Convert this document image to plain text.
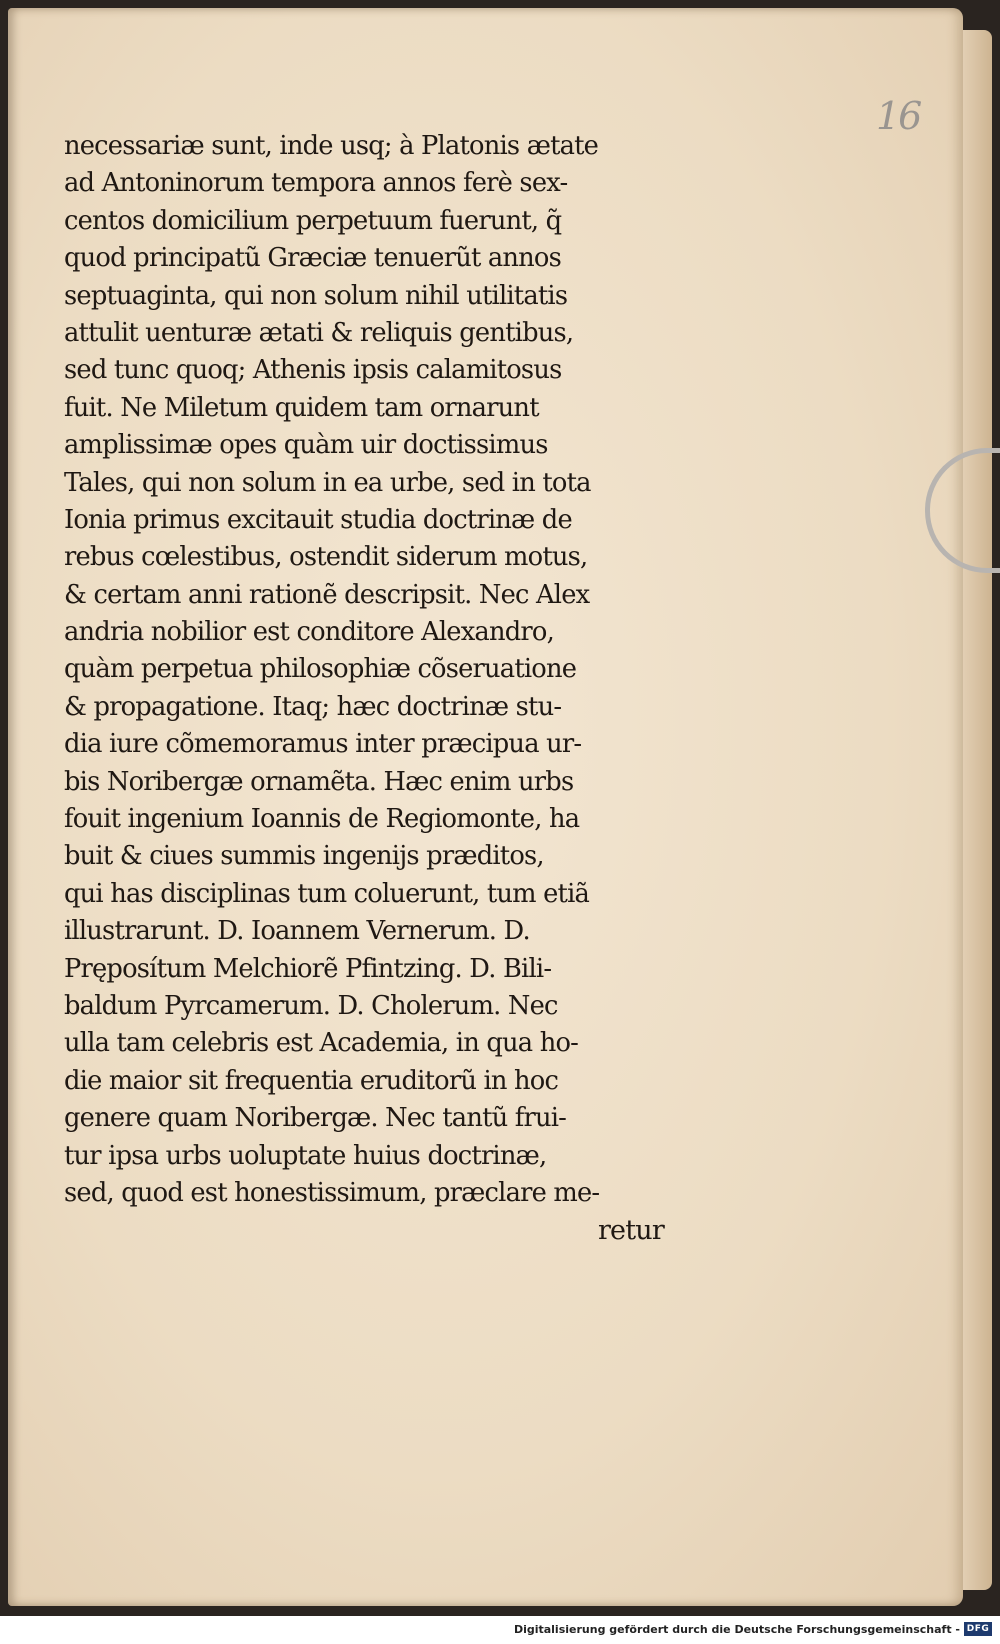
16
necessariæ sunt, inde usq; à Platonis ætate
ad Antoninorum tempora annos ferè sex-
centos domicilium perpetuum fuerunt, q̃
quod principatũ Græciæ tenuerũt annos
septuaginta, qui non solum nihil utilitatis
attulit uenturæ ætati & reliquis gentibus,
sed tunc quoq; Athenis ipsis calamitosus
fuit. Ne Miletum quidem tam ornarunt
amplissimæ opes quàm uir doctissimus
Tales, qui non solum in ea urbe, sed in tota
Ionia primus excitauit studia doctrinæ de
rebus cœlestibus, ostendit siderum motus,
& certam anni rationẽ descripsit. Nec Alex
andria nobilior est conditore Alexandro,
quàm perpetua philosophiæ cõseruatione
& propagatione. Itaq; hæc doctrinæ stu-
dia iure cõmemoramus inter præcipua ur-
bis Noribergæ ornamẽta. Hæc enim urbs
fouit ingenium Ioannis de Regiomonte, ha
buit & ciues summis ingenijs præditos,
qui has disciplinas tum coluerunt, tum etiã
illustrarunt. D. Ioannem Vernerum. D.
Pręposítum Melchiorẽ Pfintzing. D. Bili-
baldum Pyrcamerum. D. Cholerum. Nec
ulla tam celebris est Academia, in qua ho-
die maior sit frequentia eruditorũ in hoc
genere quam Noribergæ. Nec tantũ frui-
tur ipsa urbs uoluptate huius doctrinæ,
sed, quod est honestissimum, præclare me-
retur
Digitalisierung gefördert durch die Deutsche Forschungsgemeinschaft - DFG
